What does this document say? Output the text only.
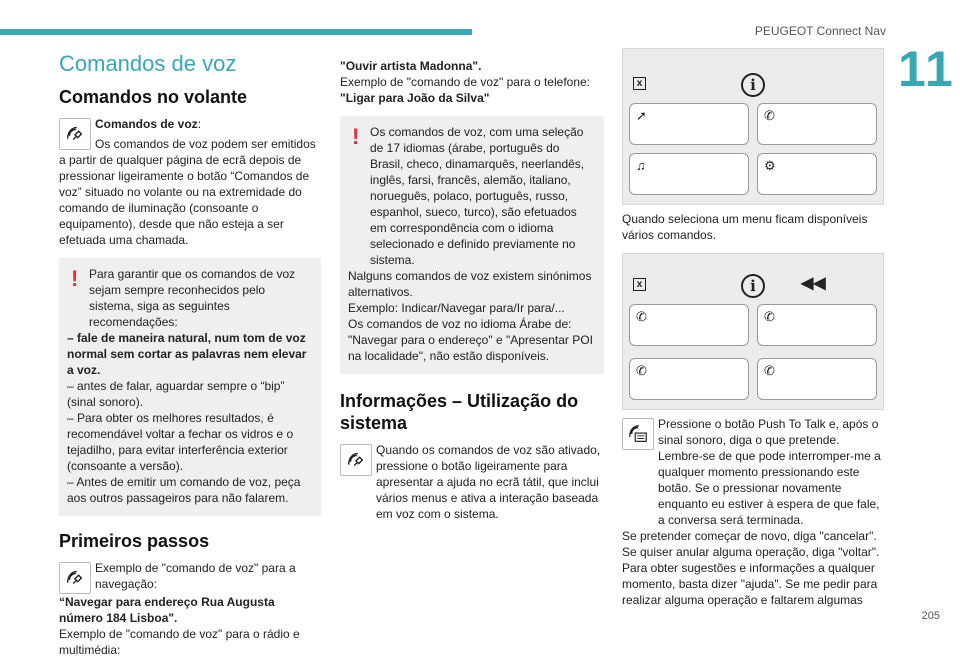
PEUGEOT Connect Nav
11
205
Comandos de voz
Comandos no volante
Comandos de voz:
Os comandos de voz podem ser emitidos a partir de qualquer página de ecrã depois de pressionar ligeiramente o botão “Comandos de voz” situado no volante ou na extremidade do comando de iluminação (consoante o equipamento), desde que não esteja a ser efetuada uma chamada.
! Para garantir que os comandos de voz sejam sempre reconhecidos pelo sistema, siga as seguintes recomendações:
– fale de maneira natural, num tom de voz normal sem cortar as palavras nem elevar a voz.
– antes de falar, aguardar sempre o “bip” (sinal sonoro).
– Para obter os melhores resultados, é recomendável voltar a fechar os vidros e o tejadilho, para evitar interferência exterior (consoante a versão).
– Antes de emitir um comando de voz, peça aos outros passageiros para não falarem.
Primeiros passos
Exemplo de "comando de voz" para a navegação:
“Navegar para endereço Rua Augusta número 184 Lisboa".
Exemplo de "comando de voz" para o rádio e multimédia:
"Ouvir artista Madonna".
Exemplo de "comando de voz" para o telefone:
"Ligar para João da Silva"
! Os comandos de voz, com uma seleção de 17 idiomas (árabe, português do Brasil, checo, dinamarquês, neerlandês, inglês, farsi, francês, alemão, italiano, norueguês, polaco, português, russo, espanhol, sueco, turco), são efetuados em correspondência com o idioma selecionado e definido previamente no sistema.
Nalguns comandos de voz existem sinónimos alternativos.
Exemplo: Indicar/Navegar para/Ir para/...
Os comandos de voz no idioma Árabe de: "Navegar para o endereço" e "Apresentar POI na localidade", não estão disponíveis.
Informações – Utilização do sistema
Quando os comandos de voz são ativado, pressione o botão ligeiramente para apresentar a ajuda no ecrã tátil, que inclui vários menus e ativa a interação baseada em voz com o sistema.
x	i
➚	✆
♫	⚙
Quando seleciona um menu ficam disponíveis vários comandos.
x	i	◀◀
✆	✆
✆	✆
Pressione o botão Push To Talk e, após o sinal sonoro, diga o que pretende. Lembre-se de que pode interromper-me a qualquer momento pressionando este botão. Se o pressionar novamente enquanto eu estiver à espera de que fale, a conversa será terminada.
Se pretender começar de novo, diga "cancelar".
Se quiser anular alguma operação, diga "voltar".
Para obter sugestões e informações a qualquer momento, basta dizer "ajuda". Se me pedir para realizar alguma operação e faltarem algumas
